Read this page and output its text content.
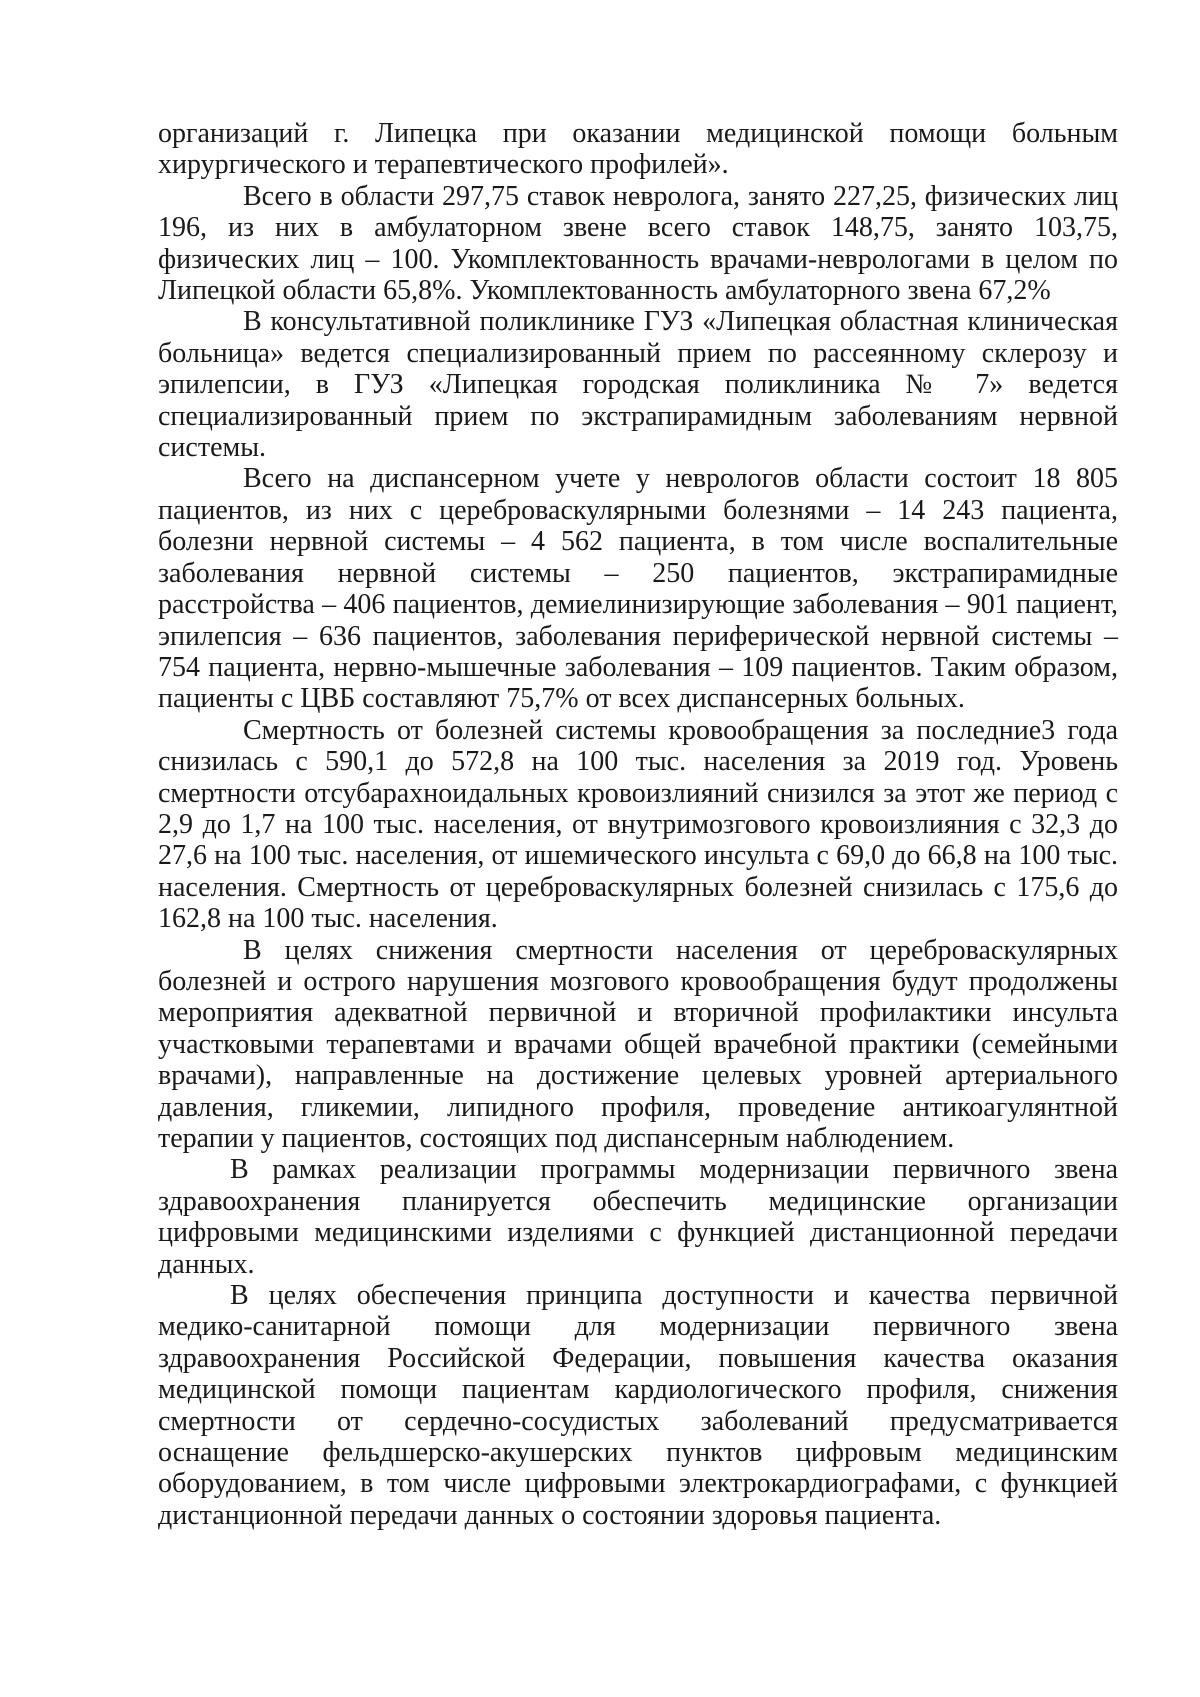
организаций г. Липецка при оказании медицинской помощи больным хирургического и терапевтического профилей».

Всего в области 297,75 ставок невролога, занято 227,25, физических лиц 196, из них в амбулаторном звене всего ставок 148,75, занято 103,75, физических лиц – 100. Укомплектованность врачами-неврологами в целом по Липецкой области 65,8%. Укомплектованность амбулаторного звена 67,2%

В консультативной поликлинике ГУЗ «Липецкая областная клиническая больница» ведется специализированный прием по рассеянному склерозу и эпилепсии, в ГУЗ «Липецкая городская поликлиника № 7» ведется специализированный прием по экстрапирамидным заболеваниям нервной системы.

Всего на диспансерном учете у неврологов области состоит 18 805 пациентов, из них с цереброваскулярными болезнями – 14 243 пациента, болезни нервной системы – 4 562 пациента, в том числе воспалительные заболевания нервной системы – 250 пациентов, экстрапирамидные расстройства – 406 пациентов, демиелинизирующие заболевания – 901 пациент, эпилепсия – 636 пациентов, заболевания периферической нервной системы – 754 пациента, нервно-мышечные заболевания – 109 пациентов. Таким образом, пациенты с ЦВБ составляют 75,7% от всех диспансерных больных.

Смертность от болезней системы кровообращения за последние3 года снизилась с 590,1 до 572,8 на 100 тыс. населения за 2019 год. Уровень смертности отсубарахноидальных кровоизлияний снизился за этот же период с 2,9 до 1,7 на 100 тыс. населения, от внутримозгового кровоизлияния с 32,3 до 27,6 на 100 тыс. населения, от ишемического инсульта с 69,0 до 66,8 на 100 тыс. населения. Смертность от цереброваскулярных болезней снизилась с 175,6 до 162,8 на 100 тыс. населения.

В целях снижения смертности населения от цереброваскулярных болезней и острого нарушения мозгового кровообращения будут продолжены мероприятия адекватной первичной и вторичной профилактики инсульта участковыми терапевтами и врачами общей врачебной практики (семейными врачами), направленные на достижение целевых уровней артериального давления, гликемии, липидного профиля, проведение антикоагулянтной терапии у пациентов, состоящих под диспансерным наблюдением.

В рамках реализации программы модернизации первичного звена здравоохранения планируется обеспечить медицинские организации цифровыми медицинскими изделиями с функцией дистанционной передачи данных.

В целях обеспечения принципа доступности и качества первичной медико-санитарной помощи для модернизации первичного звена здравоохранения Российской Федерации, повышения качества оказания медицинской помощи пациентам кардиологического профиля, снижения смертности от сердечно-сосудистых заболеваний предусматривается оснащение фельдшерско-акушерских пунктов цифровым медицинским оборудованием, в том числе цифровыми электрокардиографами, с функцией дистанционной передачи данных о состоянии здоровья пациента.
